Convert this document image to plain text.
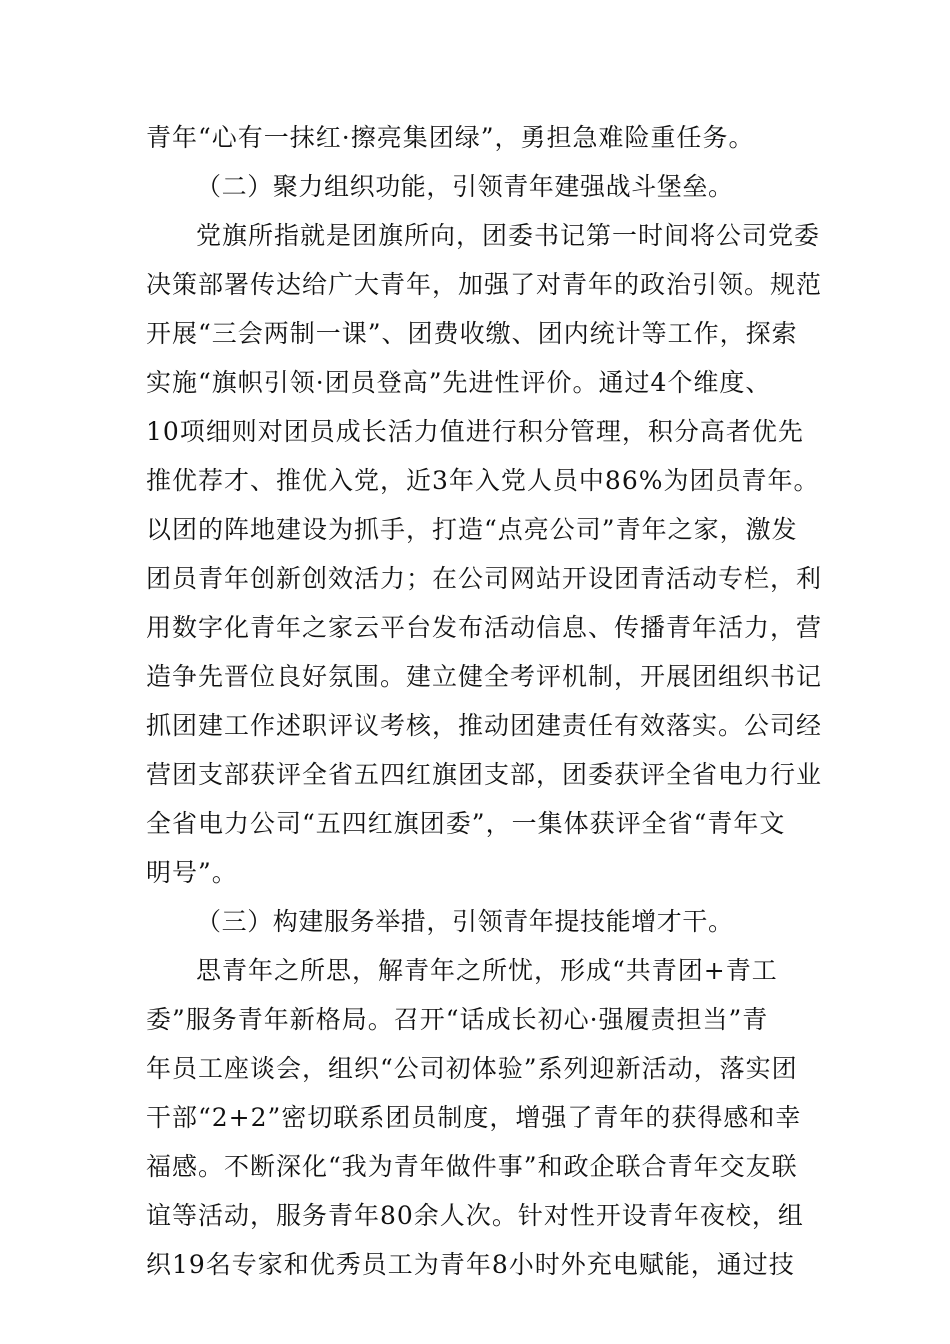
青年“心有一抹红·擦亮集团绿”，勇担急难险重任务。
（二）聚力组织功能，引领青年建强战斗堡垒。
党旗所指就是团旗所向，团委书记第一时间将公司党委
决策部署传达给广大青年，加强了对青年的政治引领。规范
开展“三会两制一课”、团费收缴、团内统计等工作，探索
实施“旗帜引领·团员登高”先进性评价。通过4个维度、
10项细则对团员成长活力值进行积分管理，积分高者优先
推优荐才、推优入党，近3年入党人员中86%为团员青年。
以团的阵地建设为抓手，打造“点亮公司”青年之家，激发
团员青年创新创效活力；在公司网站开设团青活动专栏，利
用数字化青年之家云平台发布活动信息、传播青年活力，营
造争先晋位良好氛围。建立健全考评机制，开展团组织书记
抓团建工作述职评议考核，推动团建责任有效落实。公司经
营团支部获评全省五四红旗团支部，团委获评全省电力行业
全省电力公司“五四红旗团委”，一集体获评全省“青年文
明号”。
（三）构建服务举措，引领青年提技能增才干。
思青年之所思，解青年之所忧，形成“共青团+青工
委”服务青年新格局。召开“话成长初心·强履责担当”青
年员工座谈会，组织“公司初体验”系列迎新活动，落实团
干部“2+2”密切联系团员制度，增强了青年的获得感和幸
福感。不断深化“我为青年做件事”和政企联合青年交友联
谊等活动，服务青年80余人次。针对性开设青年夜校，组
织19名专家和优秀员工为青年8小时外充电赋能，通过技
